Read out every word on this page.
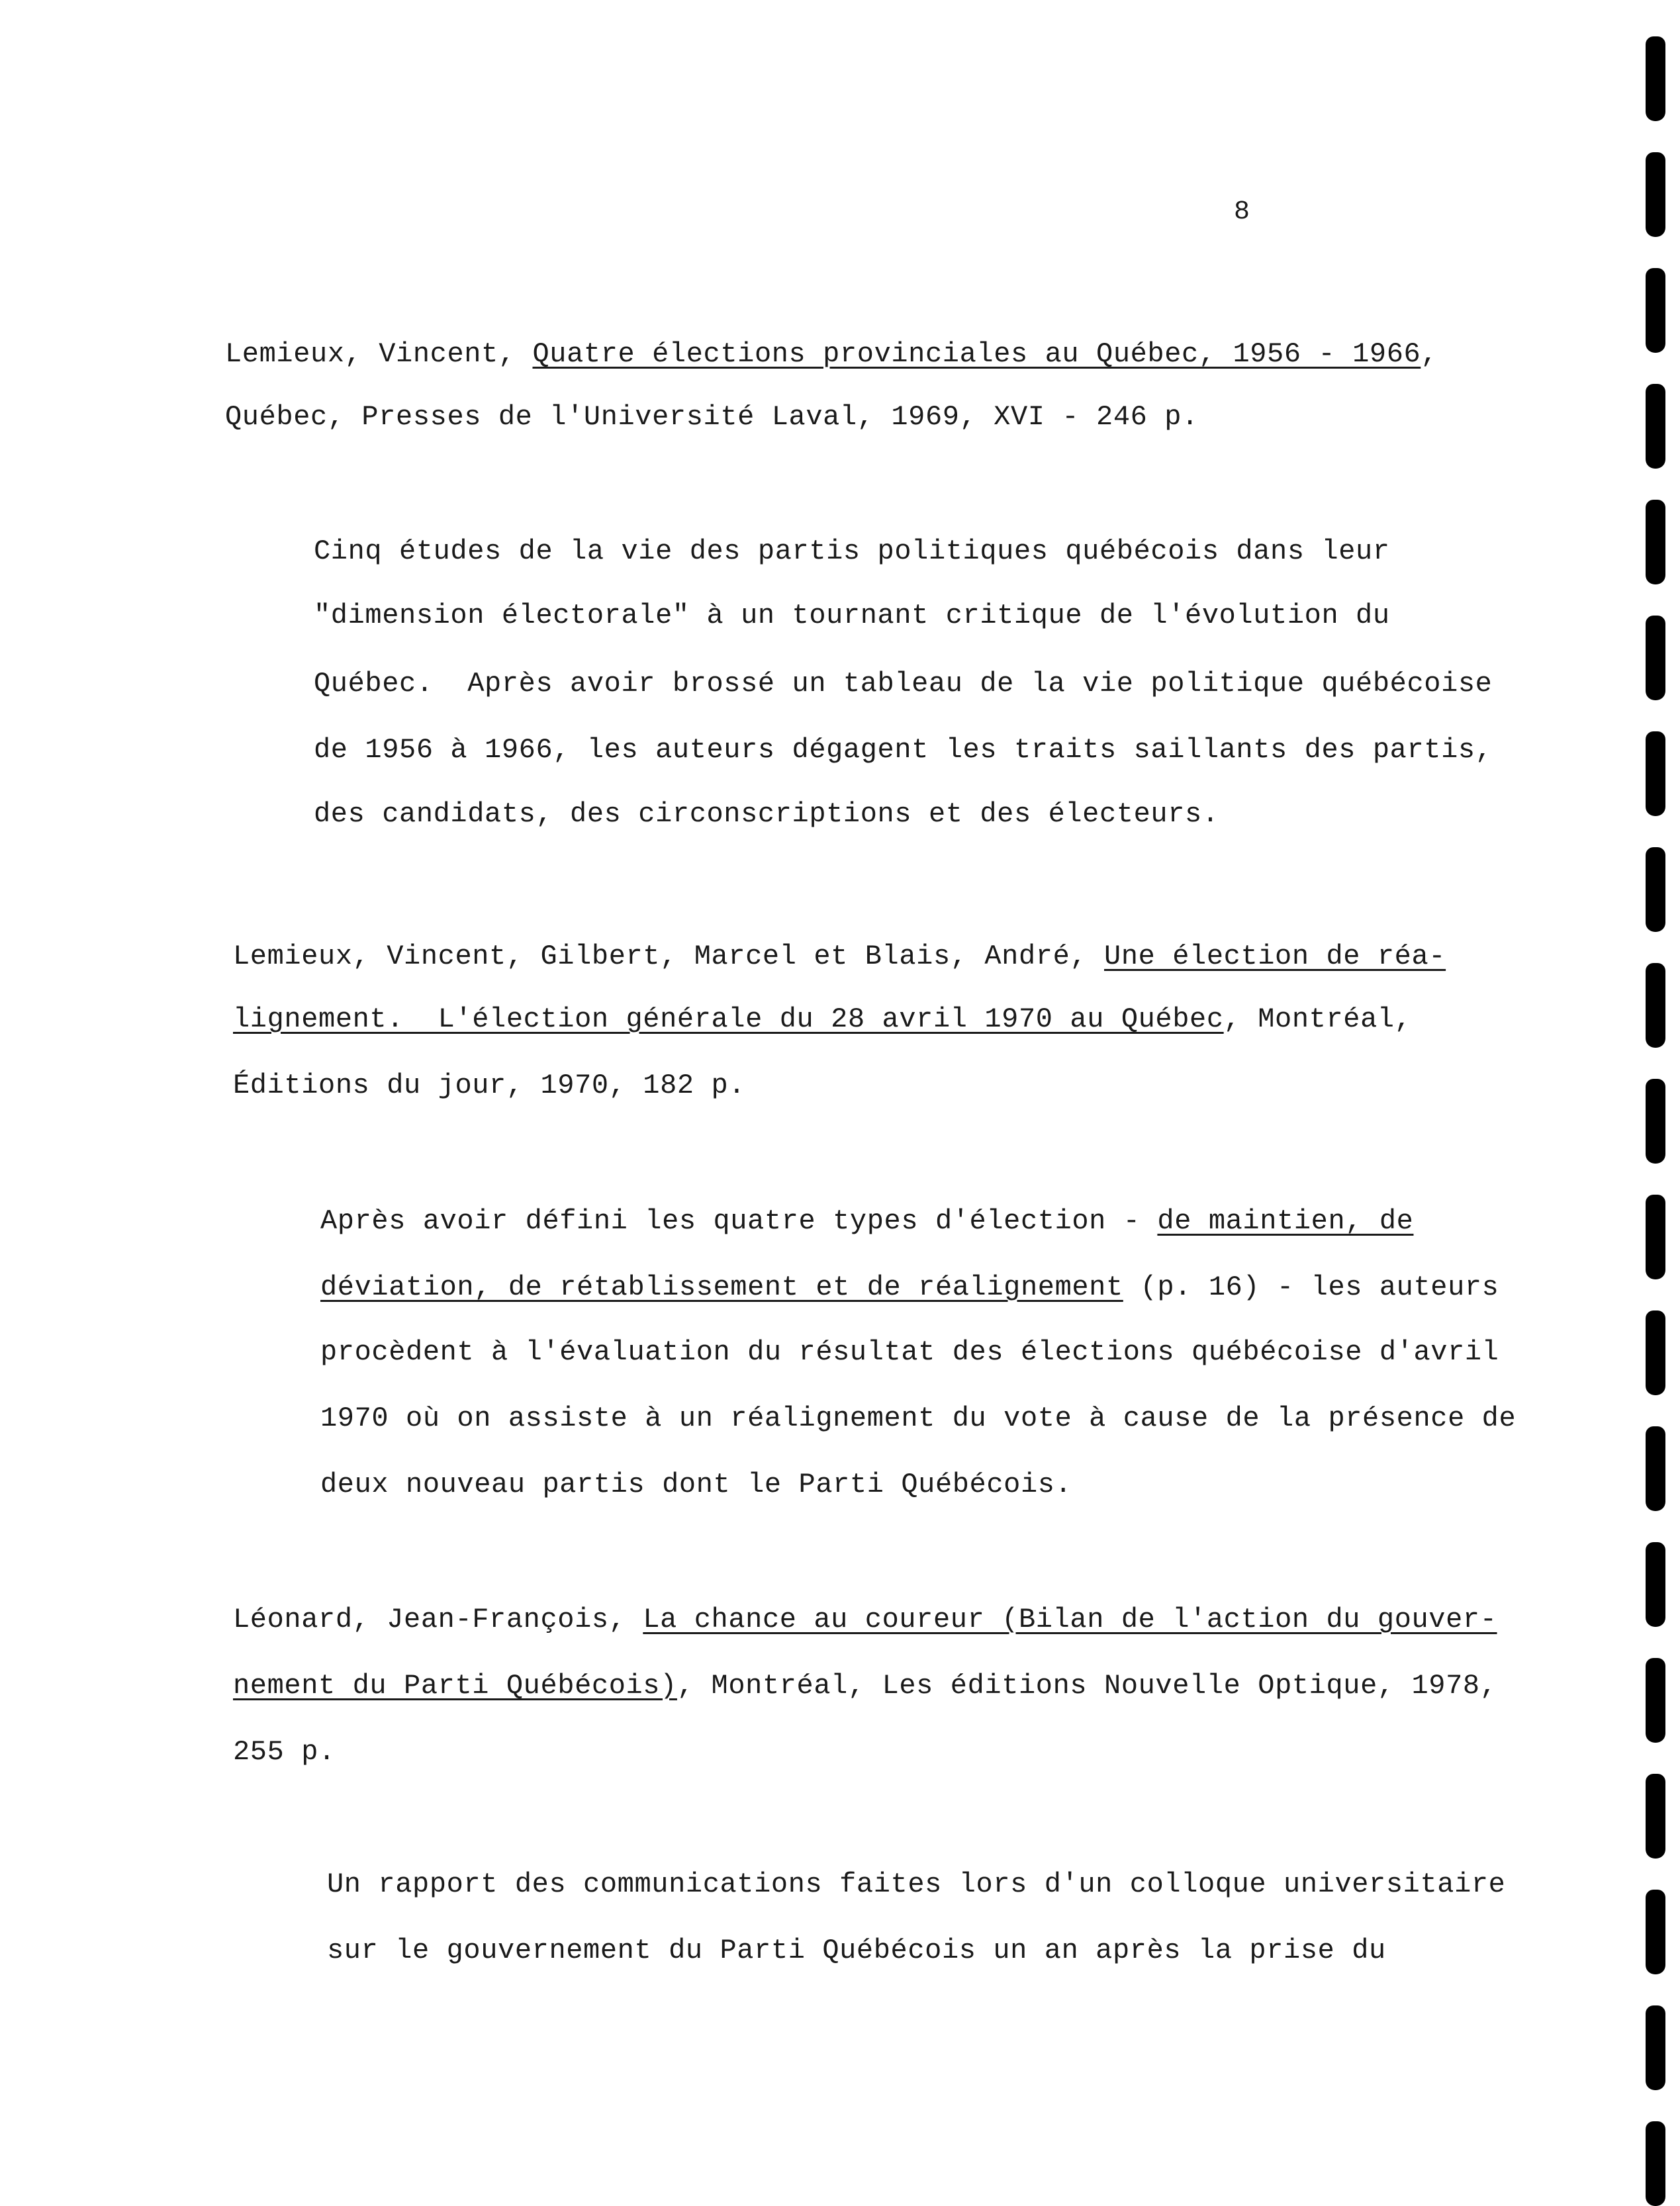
8
Lemieux, Vincent, Quatre élections provinciales au Québec, 1956 - 1966,
Québec, Presses de l'Université Laval, 1969, XVI - 246 p.
Cinq études de la vie des partis politiques québécois dans leur
"dimension électorale" à un tournant critique de l'évolution du
Québec.  Après avoir brossé un tableau de la vie politique québécoise
de 1956 à 1966, les auteurs dégagent les traits saillants des partis,
des candidats, des circonscriptions et des électeurs.
Lemieux, Vincent, Gilbert, Marcel et Blais, André, Une élection de réa-
lignement.  L'élection générale du 28 avril 1970 au Québec, Montréal,
Éditions du jour, 1970, 182 p.
Après avoir défini les quatre types d'élection - de maintien, de
déviation, de rétablissement et de réalignement (p. 16) - les auteurs
procèdent à l'évaluation du résultat des élections québécoise d'avril
1970 où on assiste à un réalignement du vote à cause de la présence de
deux nouveau partis dont le Parti Québécois.
Léonard, Jean-François, La chance au coureur (Bilan de l'action du gouver-
nement du Parti Québécois), Montréal, Les éditions Nouvelle Optique, 1978,
255 p.
Un rapport des communications faites lors d'un colloque universitaire
sur le gouvernement du Parti Québécois un an après la prise du
